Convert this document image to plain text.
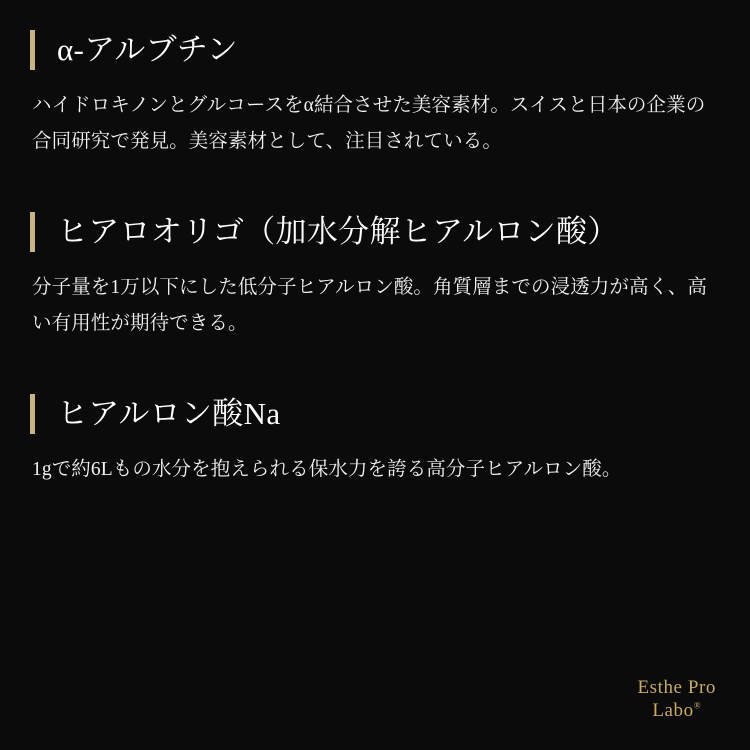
α-アルブチン

ハイドロキノンとグルコースをα結合させた美容素材。スイスと日本の企業の合同研究で発見。美容素材として、注目されている。

ヒアロオリゴ（加水分解ヒアルロン酸）

分子量を1万以下にした低分子ヒアルロン酸。角質層までの浸透力が高く、高い有用性が期待できる。

ヒアルロン酸Na

1gで約6Lもの水分を抱えられる保水力を誇る高分子ヒアルロン酸。

Esthe Pro
Labo®
